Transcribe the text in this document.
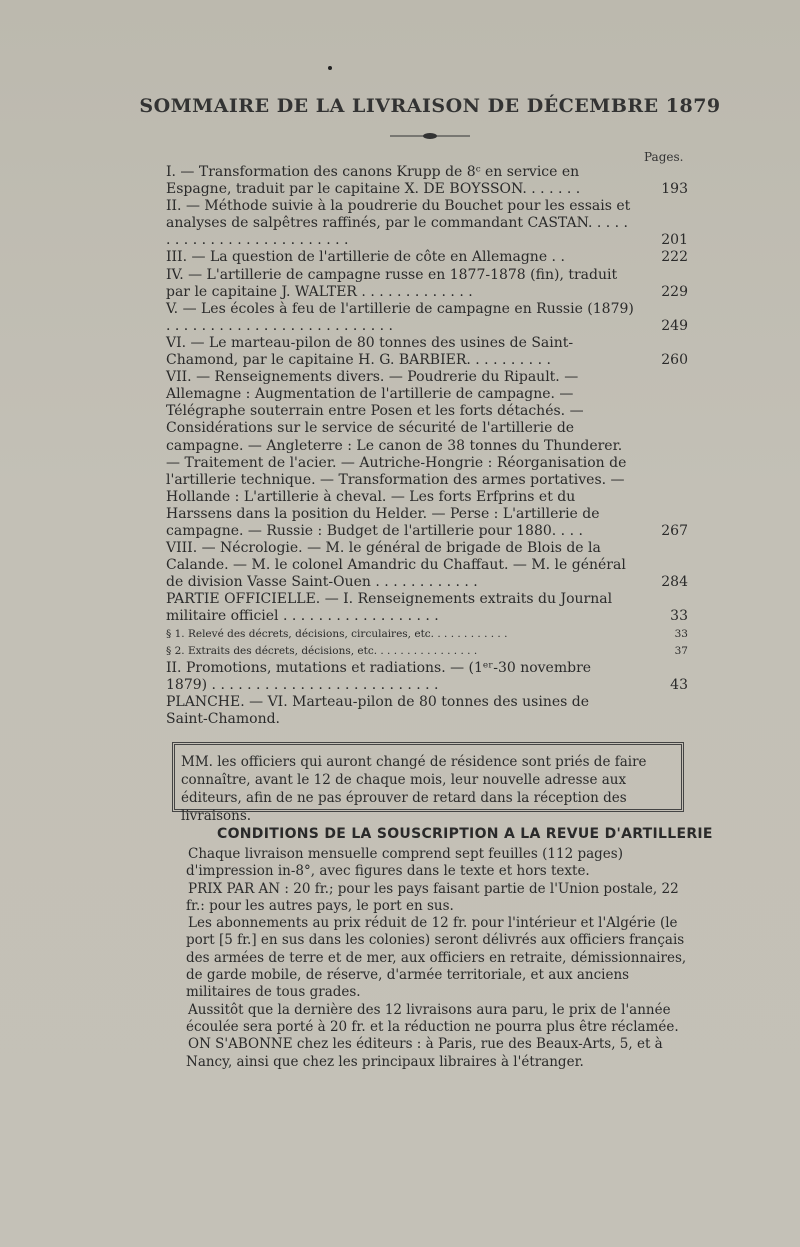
SOMMAIRE DE LA LIVRAISON DE DÉCEMBRE 1879
Pages.
I. — Transformation des canons Krupp de 8ᶜ en service en Espagne, traduit par le capitaine X. DE BOYSSON. . . . . . .	193
II. — Méthode suivie à la poudrerie du Bouchet pour les essais et analyses de salpêtres raffinés, par le commandant CASTAN. . . . . . . . . . . . . . . . . . . . . . . . . .	201
III. — La question de l'artillerie de côte en Allemagne . .	222
IV. — L'artillerie de campagne russe en 1877-1878 (fin), traduit par le capitaine J. WALTER . . . . . . . . . . . . .	229
V. — Les écoles à feu de l'artillerie de campagne en Russie (1879) . . . . . . . . . . . . . . . . . . . . . . . . . .	249
VI. — Le marteau-pilon de 80 tonnes des usines de Saint-Chamond, par le capitaine H. G. BARBIER. . . . . . . . . .	260
VII. — Renseignements divers. — Poudrerie du Ripault. — Allemagne : Augmentation de l'artillerie de campagne. — Télégraphe souterrain entre Posen et les forts détachés. — Considérations sur le service de sécurité de l'artillerie de campagne. — Angleterre : Le canon de 38 tonnes du Thunderer. — Traitement de l'acier. — Autriche-Hongrie : Réorganisation de l'artillerie technique. — Transformation des armes portatives. — Hollande : L'artillerie à cheval. — Les forts Erfprins et du Harssens dans la position du Helder. — Perse : L'artillerie de campagne. — Russie : Budget de l'artillerie pour 1880. . . .	267
VIII. — Nécrologie. — M. le général de brigade de Blois de la Calande. — M. le colonel Amandric du Chaffaut. — M. le général de division Vasse Saint-Ouen . . . . . . . . . . . .	284
PARTIE OFFICIELLE. — I. Renseignements extraits du Journal militaire officiel . . . . . . . . . . . . . . . . . .	33
§ 1. Relevé des décrets, décisions, circulaires, etc. . . . . . . . . . . .	33
§ 2. Extraits des décrets, décisions, etc. . . . . . . . . . . . . . . .	37
II. Promotions, mutations et radiations. — (1ᵉʳ-30 novembre 1879) . . . . . . . . . . . . . . . . . . . . . . . . . .	43
PLANCHE. — VI. Marteau-pilon de 80 tonnes des usines de Saint-Chamond.
MM. les officiers qui auront changé de résidence sont priés de faire connaître, avant le 12 de chaque mois, leur nouvelle adresse aux éditeurs, afin de ne pas éprouver de retard dans la réception des livraisons.
CONDITIONS DE LA SOUSCRIPTION A LA REVUE D'ARTILLERIE

Chaque livraison mensuelle comprend sept feuilles (112 pages) d'impression in-8°, avec figures dans le texte et hors texte.

PRIX PAR AN : 20 fr.; pour les pays faisant partie de l'Union postale, 22 fr.: pour les autres pays, le port en sus.

Les abonnements au prix réduit de 12 fr. pour l'intérieur et l'Algérie (le port [5 fr.] en sus dans les colonies) seront délivrés aux officiers français des armées de terre et de mer, aux officiers en retraite, démissionnaires, de garde mobile, de réserve, d'armée territoriale, et aux anciens militaires de tous grades.

Aussitôt que la dernière des 12 livraisons aura paru, le prix de l'année écoulée sera porté à 20 fr. et la réduction ne pourra plus être réclamée.

ON S'ABONNE chez les éditeurs : à Paris, rue des Beaux-Arts, 5, et à Nancy, ainsi que chez les principaux libraires à l'étranger.
